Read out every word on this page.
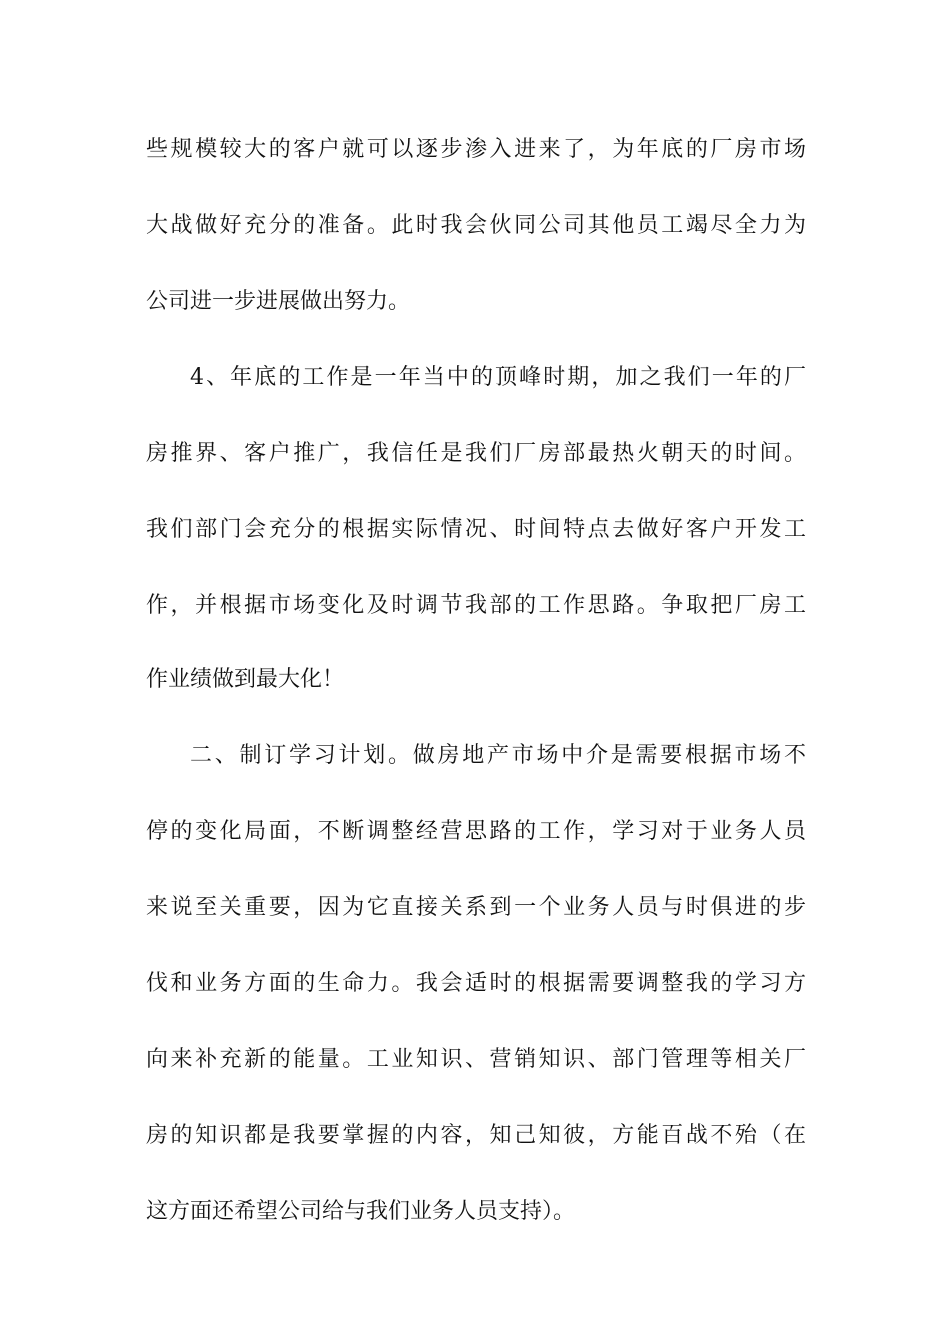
些规模较大的客户就可以逐步渗入进来了，为年底的厂房市场
大战做好充分的准备。此时我会伙同公司其他员工竭尽全力为
公司进一步进展做出努力。
4、年底的工作是一年当中的顶峰时期，加之我们一年的厂
房推界、客户推广，我信任是我们厂房部最热火朝天的时间。
我们部门会充分的根据实际情况、时间特点去做好客户开发工
作，并根据市场变化及时调节我部的工作思路。争取把厂房工
作业绩做到最大化！
二、制订学习计划。做房地产市场中介是需要根据市场不
停的变化局面，不断调整经营思路的工作，学习对于业务人员
来说至关重要，因为它直接关系到一个业务人员与时俱进的步
伐和业务方面的生命力。我会适时的根据需要调整我的学习方
向来补充新的能量。工业知识、营销知识、部门管理等相关厂
房的知识都是我要掌握的内容，知己知彼，方能百战不殆（在
这方面还希望公司给与我们业务人员支持）。
